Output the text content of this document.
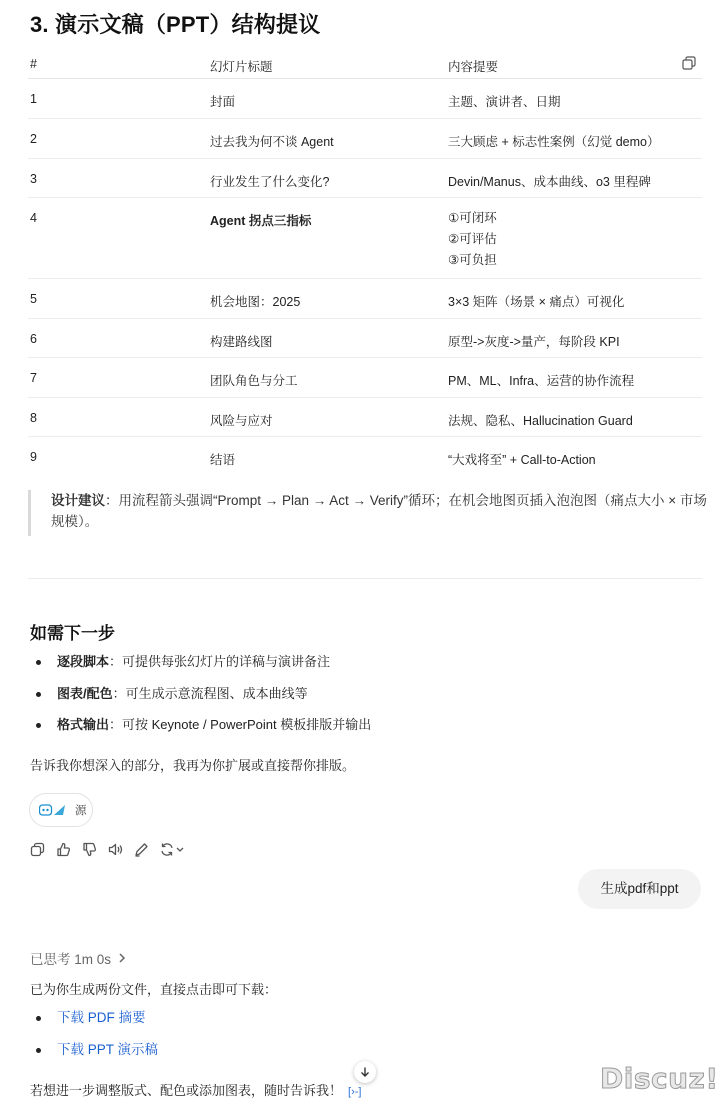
3. 演示文稿（PPT）结构提议
#	幻灯片标题	内容提要
1	封面	主题、演讲者、日期
2	过去我为何不谈 Agent	三大顾虑 + 标志性案例（幻觉 demo）
3	行业发生了什么变化?	Devin/Manus、成本曲线、o3 里程碑
4	Agent 拐点三指标	①可闭环
②可评估
③可负担
5	机会地图：2025	3×3 矩阵（场景 × 痛点）可视化
6	构建路线图	原型->灰度->量产，每阶段 KPI
7	团队角色与分工	PM、ML、Infra、运营的协作流程
8	风险与应对	法规、隐私、Hallucination Guard
9	结语	“大戏将至” + Call-to-Action
设计建议：用流程箭头强调“Prompt → Plan → Act → Verify”循环；在机会地图页插入泡泡图（痛点大小 × 市场规模）。
如需下一步
逐段脚本：可提供每张幻灯片的详稿与演讲备注
图表/配色：可生成示意流程图、成本曲线等
格式输出：可按 Keynote / PowerPoint 模板排版并输出
告诉我你想深入的部分，我再为你扩展或直接帮你排版。
源
生成pdf和ppt
已思考 1m 0s
已为你生成两份文件，直接点击即可下载：
下载 PDF 摘要
下载 PPT 演示稿
若想进一步调整版式、配色或添加图表，随时告诉我！ [›-]	Discuz!
